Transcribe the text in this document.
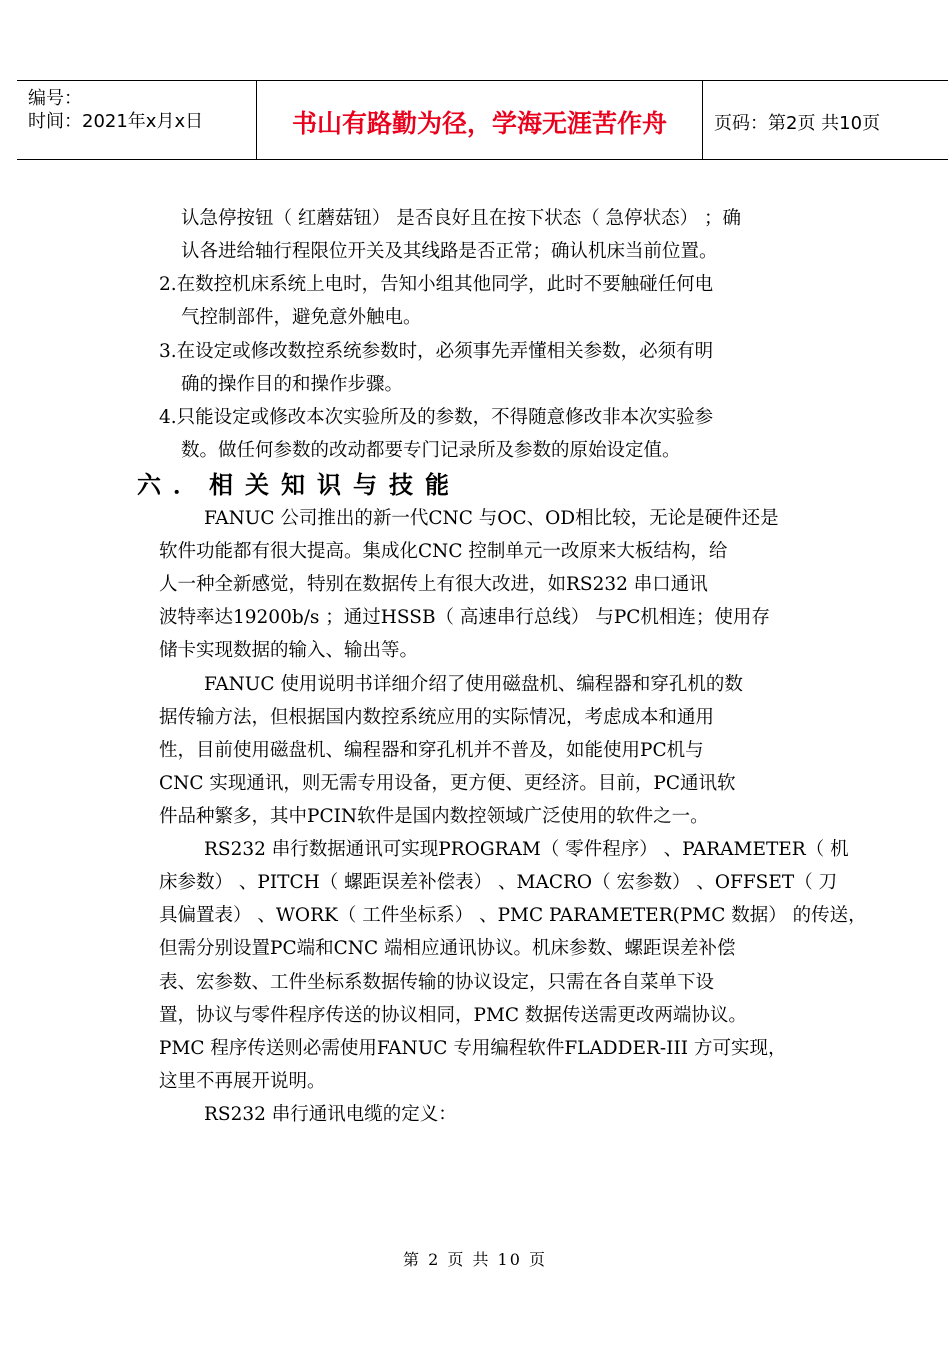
编号：
时间：2021年x月x日	书山有路勤为径，学海无涯苦作舟	页码：第2页 共10页
认急停按钮（ 红蘑菇钮） 是否良好且在按下状态（ 急停状态） ；确
认各进给轴行程限位开关及其线路是否正常；确认机床当前位置。
2.在数控机床系统上电时，告知小组其他同学，此时不要触碰任何电
气控制部件，避免意外触电。
3.在设定或修改数控系统参数时，必须事先弄懂相关参数，必须有明
确的操作目的和操作步骤。
4.只能设定或修改本次实验所及的参数，不得随意修改非本次实验参
数。做任何参数的改动都要专门记录所及参数的原始设定值。
六．相关知识与技能
FANUC 公司推出的新一代CNC 与OC、OD相比较，无论是硬件还是
软件功能都有很大提高。集成化CNC 控制单元一改原来大板结构，给
人一种全新感觉，特别在数据传上有很大改进，如RS232 串口通讯
波特率达19200b/s ；通过HSSB（ 高速串行总线） 与PC机相连；使用存
储卡实现数据的输入、输出等。
FANUC 使用说明书详细介绍了使用磁盘机、编程器和穿孔机的数
据传输方法，但根据国内数控系统应用的实际情况，考虑成本和通用
性，目前使用磁盘机、编程器和穿孔机并不普及，如能使用PC机与
CNC 实现通讯，则无需专用设备，更方便、更经济。目前，PC通讯软
件品种繁多，其中PCIN软件是国内数控领域广泛使用的软件之一。
RS232 串行数据通讯可实现PROGRAM（ 零件程序） 、PARAMETER（ 机
床参数） 、PITCH（ 螺距误差补偿表） 、MACRO（ 宏参数） 、OFFSET（ 刀
具偏置表） 、WORK（ 工件坐标系） 、PMC PARAMETER(PMC 数据） 的传送，
但需分别设置PC端和CNC 端相应通讯协议。机床参数、螺距误差补偿
表、宏参数、工件坐标系数据传输的协议设定，只需在各自菜单下设
置，协议与零件程序传送的协议相同，PMC 数据传送需更改两端协议。
PMC 程序传送则必需使用FANUC 专用编程软件FLADDER-III 方可实现，
这里不再展开说明。
RS232 串行通讯电缆的定义：
第 2 页 共 10 页
